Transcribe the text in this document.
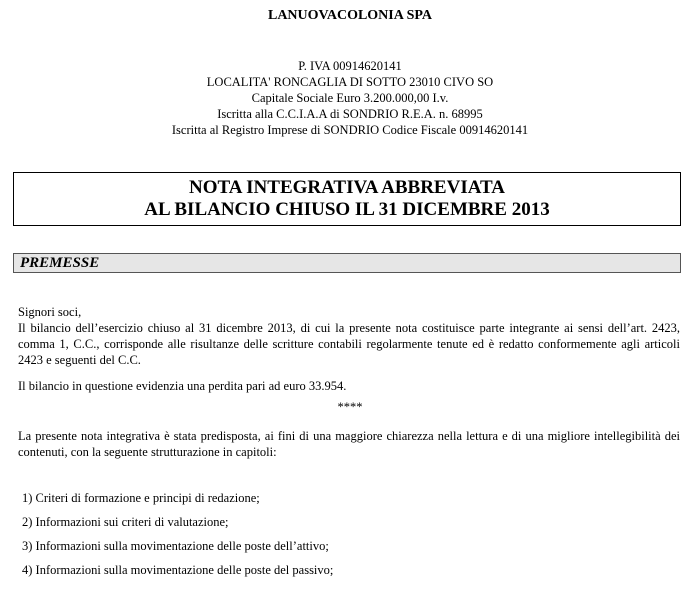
LANUOVACOLONIA SPA
P. IVA 00914620141
LOCALITA' RONCAGLIA DI SOTTO 23010 CIVO SO
Capitale Sociale Euro 3.200.000,00 I.v.
Iscritta alla C.C.I.A.A di SONDRIO R.E.A. n. 68995
Iscritta al Registro Imprese di SONDRIO Codice Fiscale 00914620141
NOTA INTEGRATIVA ABBREVIATA
AL BILANCIO CHIUSO IL 31 DICEMBRE 2013
PREMESSE
Signori soci,
Il bilancio dell’esercizio chiuso al 31 dicembre 2013, di cui la presente nota costituisce parte integrante ai sensi dell’art. 2423, comma 1, C.C., corrisponde alle risultanze delle scritture contabili regolarmente tenute ed è redatto conformemente agli articoli 2423 e seguenti del C.C.
Il bilancio in questione evidenzia una perdita pari ad euro 33.954.
****
La presente nota integrativa è stata predisposta, ai fini di una maggiore chiarezza nella lettura e di una migliore intellegibilità dei contenuti, con la seguente strutturazione in capitoli:
1) Criteri di formazione e principi di redazione;
2) Informazioni sui criteri di valutazione;
3) Informazioni sulla movimentazione delle poste dell’attivo;
4) Informazioni sulla movimentazione delle poste del passivo;
